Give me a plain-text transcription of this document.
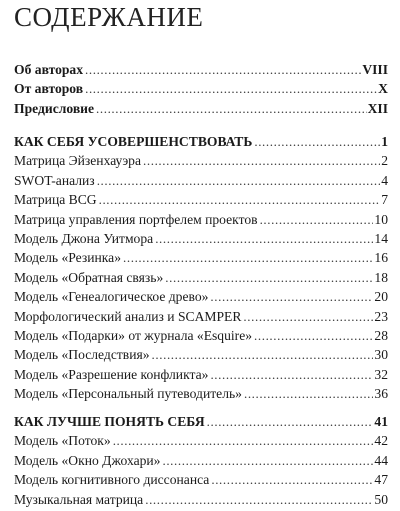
СОДЕРЖАНИЕ
Об авторах .....	VIII
От авторов .....	X
Предисловие .....	XII
КАК СЕБЯ УСОВЕРШЕНСТВОВАТЬ .....	1
Матрица Эйзенхауэра .....	2
SWOT-анализ .....	4
Матрица BCG .....	7
Матрица управления портфелем проектов .....	10
Модель Джона Уитмора .....	14
Модель «Резинка» .....	16
Модель «Обратная связь» .....	18
Модель «Генеалогическое древо» .....	20
Морфологический анализ и SCAMPER .....	23
Модель «Подарки» от журнала «Esquire» .....	28
Модель «Последствия» .....	30
Модель «Разрешение конфликта» .....	32
Модель «Персональный путеводитель» .....	36
КАК ЛУЧШЕ ПОНЯТЬ СЕБЯ .....	41
Модель «Поток» .....	42
Модель «Окно Джохари» .....	44
Модель когнитивного диссонанса .....	47
Музыкальная матрица .....	50
